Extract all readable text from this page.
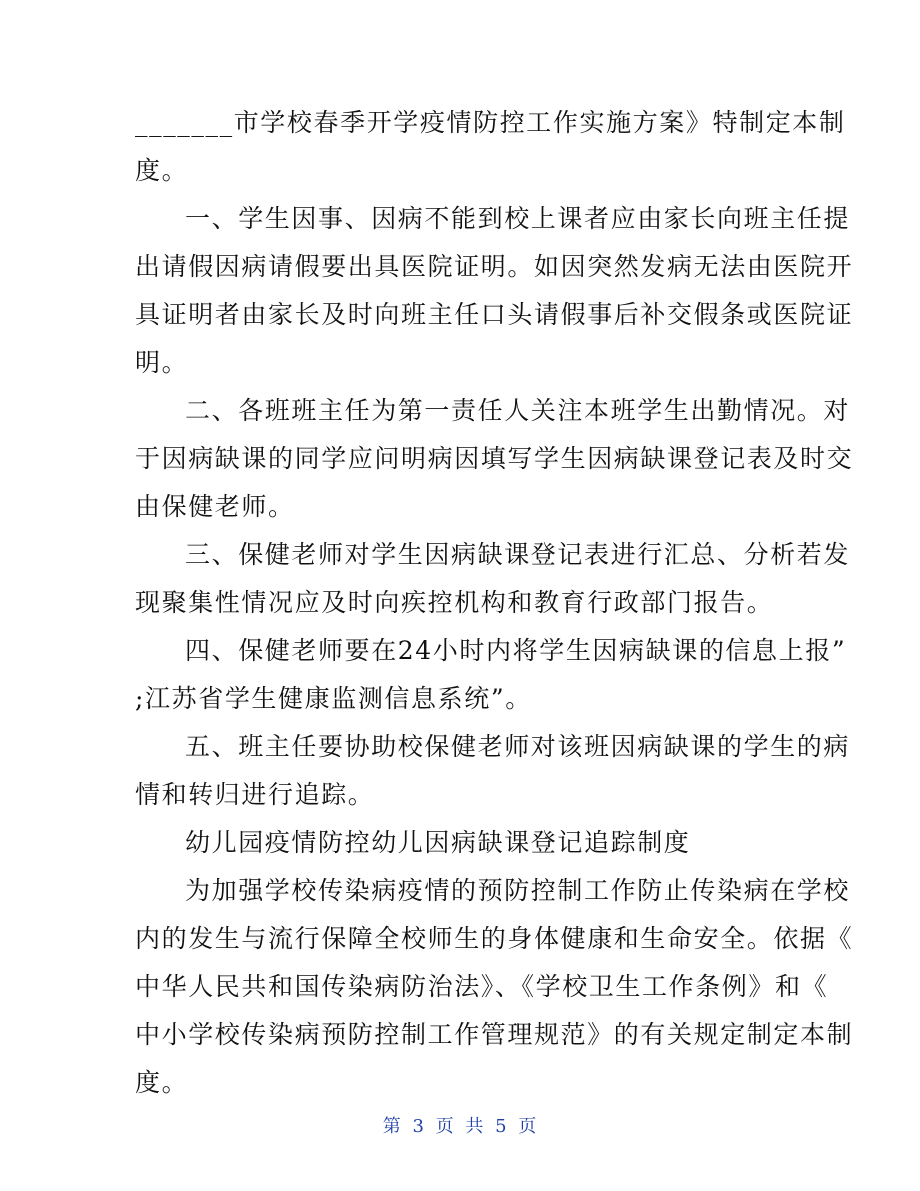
_______市学校春季开学疫情防控工作实施方案》特制定本制
度。
一、学生因事、因病不能到校上课者应由家长向班主任提
出请假因病请假要出具医院证明。如因突然发病无法由医院开
具证明者由家长及时向班主任口头请假事后补交假条或医院证
明。
二、各班班主任为第一责任人关注本班学生出勤情况。对
于因病缺课的同学应问明病因填写学生因病缺课登记表及时交
由保健老师。
三、保健老师对学生因病缺课登记表进行汇总、分析若发
现聚集性情况应及时向疾控机构和教育行政部门报告。
四、保健老师要在24小时内将学生因病缺课的信息上报”
;江苏省学生健康监测信息系统”。
五、班主任要协助校保健老师对该班因病缺课的学生的病
情和转归进行追踪。
幼儿园疫情防控幼儿因病缺课登记追踪制度
为加强学校传染病疫情的预防控制工作防止传染病在学校
内的发生与流行保障全校师生的身体健康和生命安全。依据《
中华人民共和国传染病防治法》、《学校卫生工作条例》和《
中小学校传染病预防控制工作管理规范》的有关规定制定本制
度。
第 3 页 共 5 页
